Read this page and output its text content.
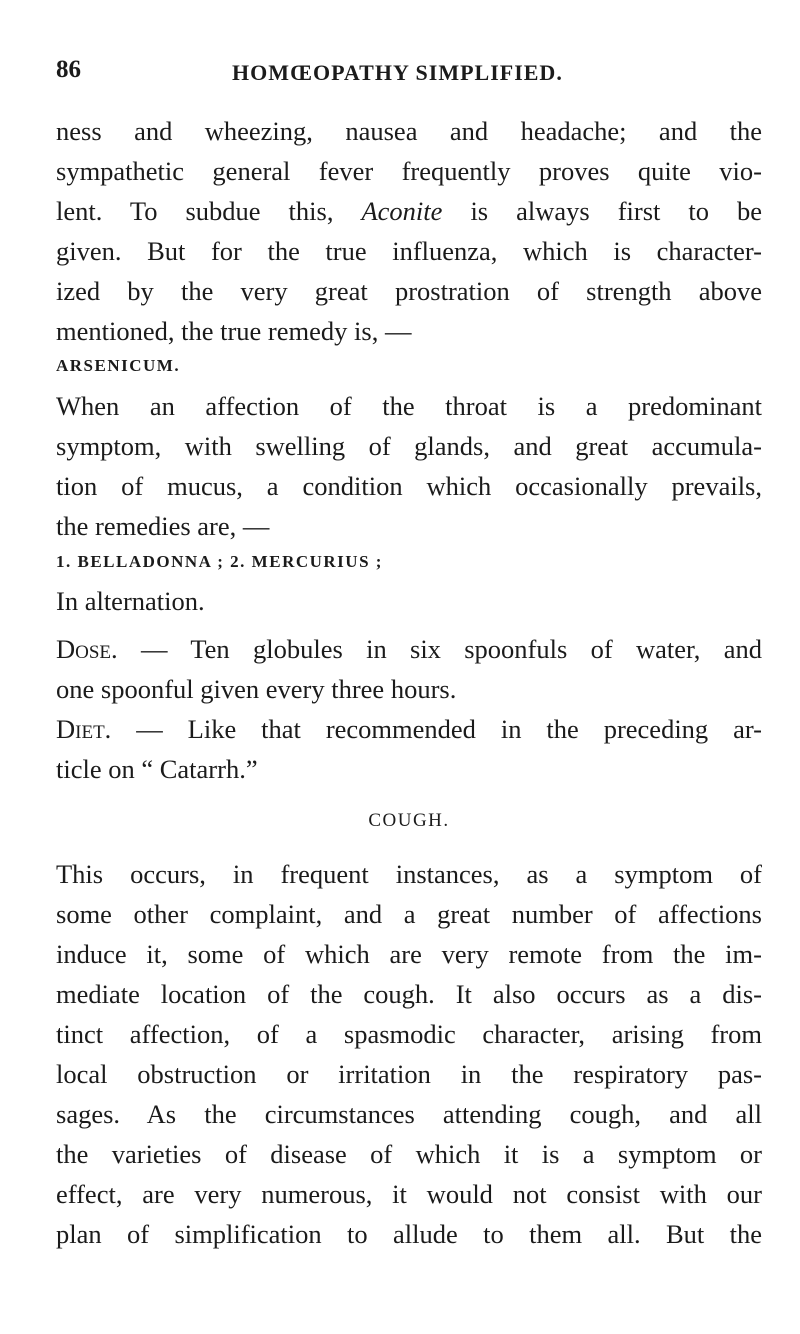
86	HOMŒOPATHY SIMPLIFIED.
ness and wheezing, nausea and headache; and the
sympathetic general fever frequently proves quite vio-
lent. To subdue this, Aconite is always first to be
given. But for the true influenza, which is character-
ized by the very great prostration of strength above
mentioned, the true remedy is, —
ARSENICUM.
When an affection of the throat is a predominant
symptom, with swelling of glands, and great accumula-
tion of mucus, a condition which occasionally prevails,
the remedies are, —
1. BELLADONNA ; 2. MERCURIUS ;
In alternation.
Dose. — Ten globules in six spoonfuls of water, and
one spoonful given every three hours.
Diet. — Like that recommended in the preceding ar-
ticle on “ Catarrh.”
COUGH.
This occurs, in frequent instances, as a symptom of
some other complaint, and a great number of affections
induce it, some of which are very remote from the im-
mediate location of the cough. It also occurs as a dis-
tinct affection, of a spasmodic character, arising from
local obstruction or irritation in the respiratory pas-
sages. As the circumstances attending cough, and all
the varieties of disease of which it is a symptom or
effect, are very numerous, it would not consist with our
plan of simplification to allude to them all. But the
